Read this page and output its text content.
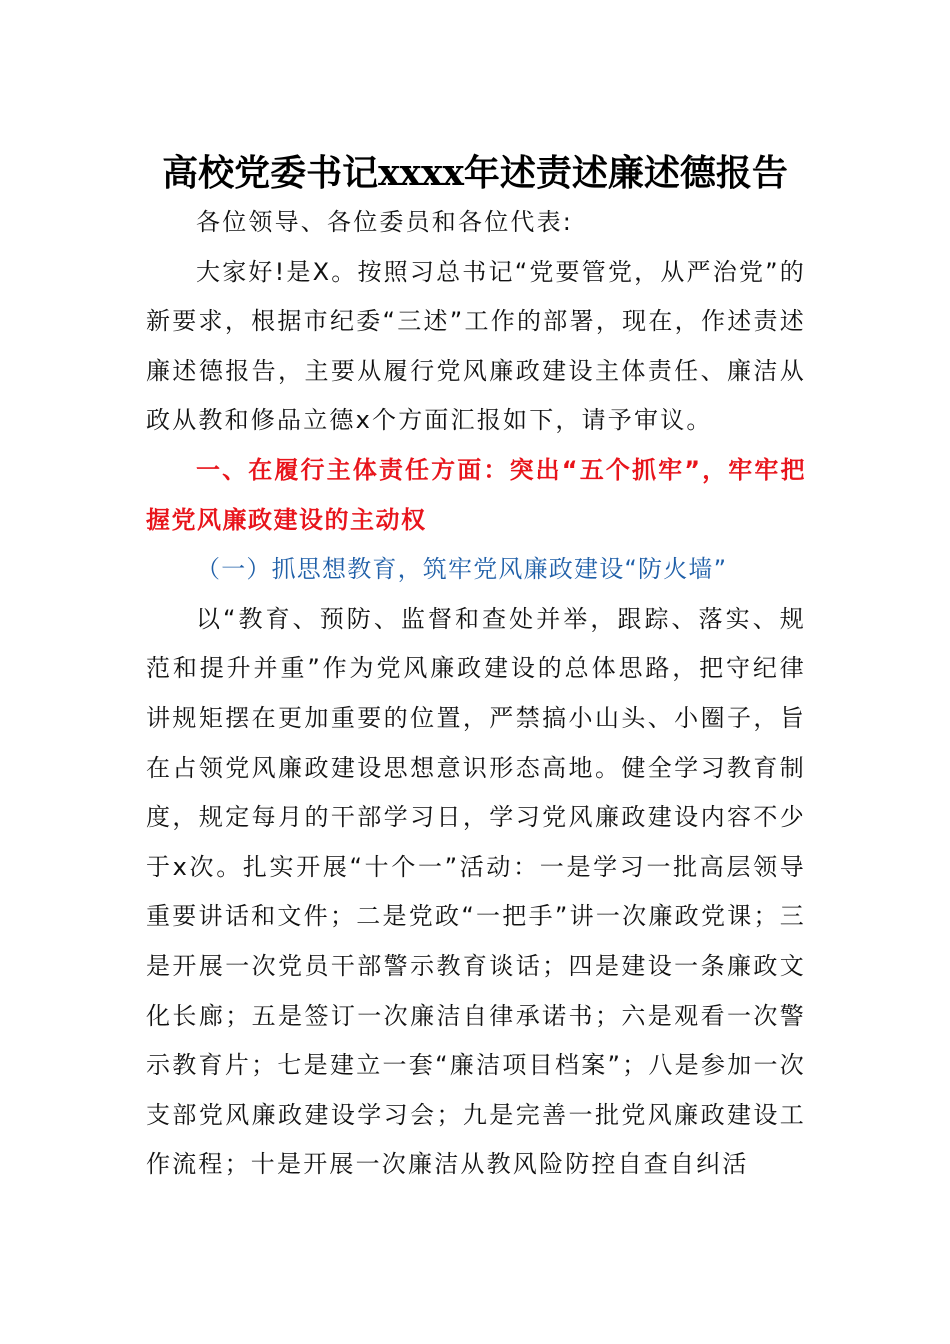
高校党委书记xxxx年述责述廉述德报告

各位领导、各位委员和各位代表:

大家好!是X。按照习总书记“党要管党，从严治党”的新要求，根据市纪委“三述”工作的部署，现在，作述责述廉述德报告，主要从履行党风廉政建设主体责任、廉洁从政从教和修品立德x个方面汇报如下，请予审议。

一、在履行主体责任方面：突出“五个抓牢”，牢牢把握党风廉政建设的主动权

（一）抓思想教育，筑牢党风廉政建设“防火墙”

以“教育、预防、监督和查处并举，跟踪、落实、规范和提升并重”作为党风廉政建设的总体思路，把守纪律讲规矩摆在更加重要的位置，严禁搞小山头、小圈子，旨在占领党风廉政建设思想意识形态高地。健全学习教育制度，规定每月的干部学习日，学习党风廉政建设内容不少于x次。扎实开展“十个一”活动：一是学习一批高层领导重要讲话和文件；二是党政“一把手”讲一次廉政党课；三是开展一次党员干部警示教育谈话；四是建设一条廉政文化长廊；五是签订一次廉洁自律承诺书；六是观看一次警示教育片；七是建立一套“廉洁项目档案”；八是参加一次支部党风廉政建设学习会；九是完善一批党风廉政建设工作流程；十是开展一次廉洁从教风险防控自查自纠活
